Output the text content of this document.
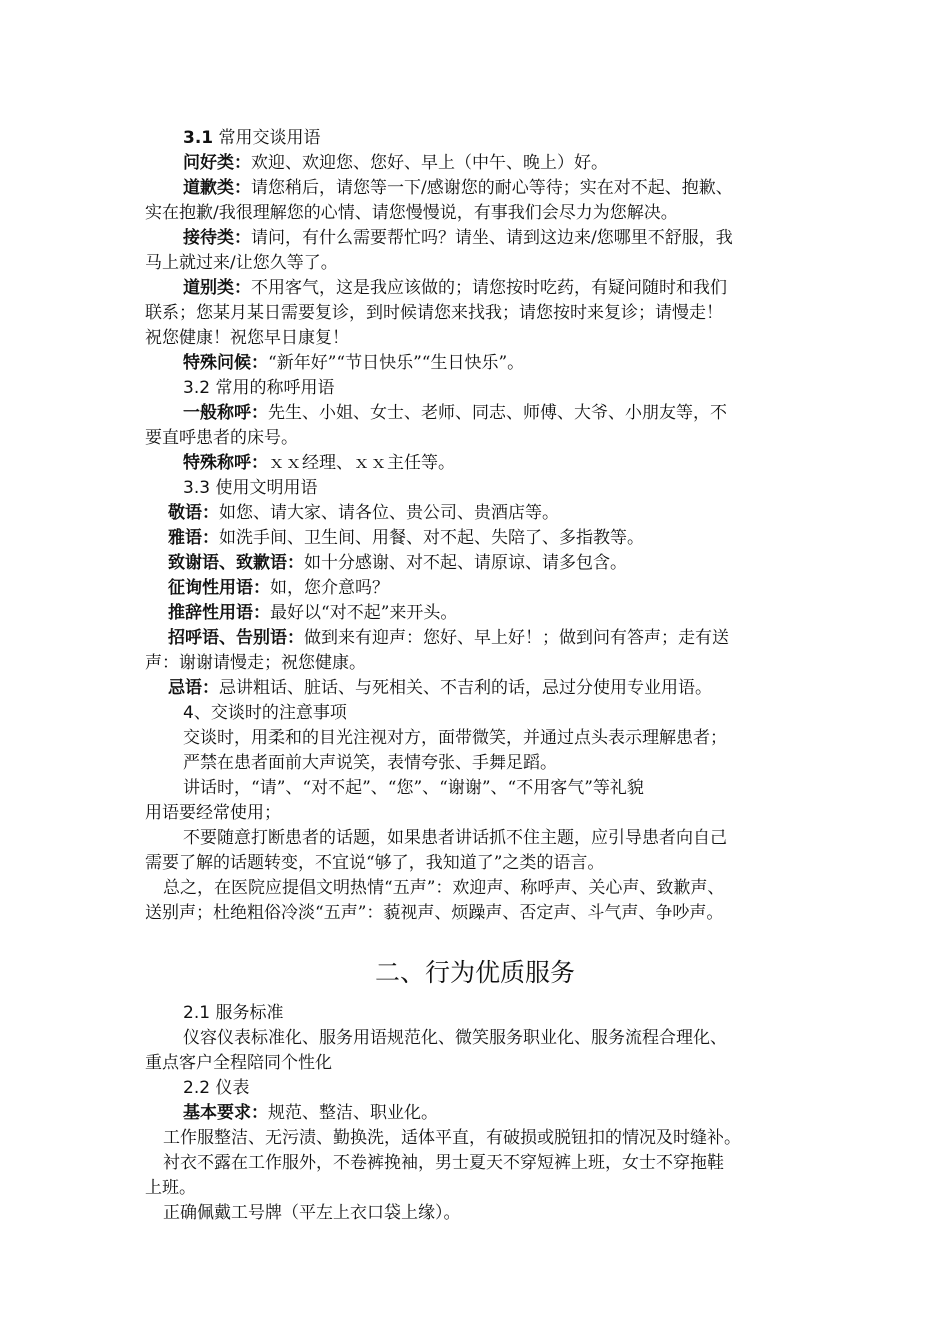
3.1 常用交谈用语
问好类：欢迎、欢迎您、您好、早上（中午、晚上）好。
道歉类：请您稍后，请您等一下/感谢您的耐心等待；实在对不起、抱歉、
实在抱歉/我很理解您的心情、请您慢慢说，有事我们会尽力为您解决。
接待类：请问，有什么需要帮忙吗？请坐、请到这边来/您哪里不舒服，我
马上就过来/让您久等了。
道别类：不用客气，这是我应该做的；请您按时吃药，有疑问随时和我们
联系；您某月某日需要复诊，到时候请您来找我；请您按时来复诊；请慢走！
祝您健康！祝您早日康复！
特殊问候：“新年好”“节日快乐”“生日快乐”。
3.2 常用的称呼用语
一般称呼：先生、小姐、女士、老师、同志、师傅、大爷、小朋友等，不
要直呼患者的床号。
特殊称呼：ｘｘ经理、ｘｘ主任等。
3.3 使用文明用语
敬语：如您、请大家、请各位、贵公司、贵酒店等。
雅语：如洗手间、卫生间、用餐、对不起、失陪了、多指教等。
致谢语、致歉语：如十分感谢、对不起、请原谅、请多包含。
征询性用语：如，您介意吗？
推辞性用语：最好以“对不起”来开头。
招呼语、告别语：做到来有迎声：您好、早上好！；做到问有答声；走有送
声：谢谢请慢走；祝您健康。
忌语：忌讲粗话、脏话、与死相关、不吉利的话，忌过分使用专业用语。
4、交谈时的注意事项
交谈时，用柔和的目光注视对方，面带微笑，并通过点头表示理解患者；
严禁在患者面前大声说笑，表情夸张、手舞足蹈。
讲话时，“请”、“对不起”、“您”、“谢谢”、“不用客气”等礼貌
用语要经常使用；
不要随意打断患者的话题，如果患者讲话抓不住主题，应引导患者向自己
需要了解的话题转变，不宜说“够了，我知道了”之类的语言。
总之，在医院应提倡文明热情“五声”：欢迎声、称呼声、关心声、致歉声、
送别声；杜绝粗俗冷淡“五声”：藐视声、烦躁声、否定声、斗气声、争吵声。
二、行为优质服务
2.1 服务标准
仪容仪表标准化、服务用语规范化、微笑服务职业化、服务流程合理化、
重点客户全程陪同个性化
2.2 仪表
基本要求：规范、整洁、职业化。
工作服整洁、无污渍、勤换洗，适体平直，有破损或脱钮扣的情况及时缝补。
衬衣不露在工作服外，不卷裤挽袖，男士夏天不穿短裤上班，女士不穿拖鞋
上班。
正确佩戴工号牌（平左上衣口袋上缘）。
